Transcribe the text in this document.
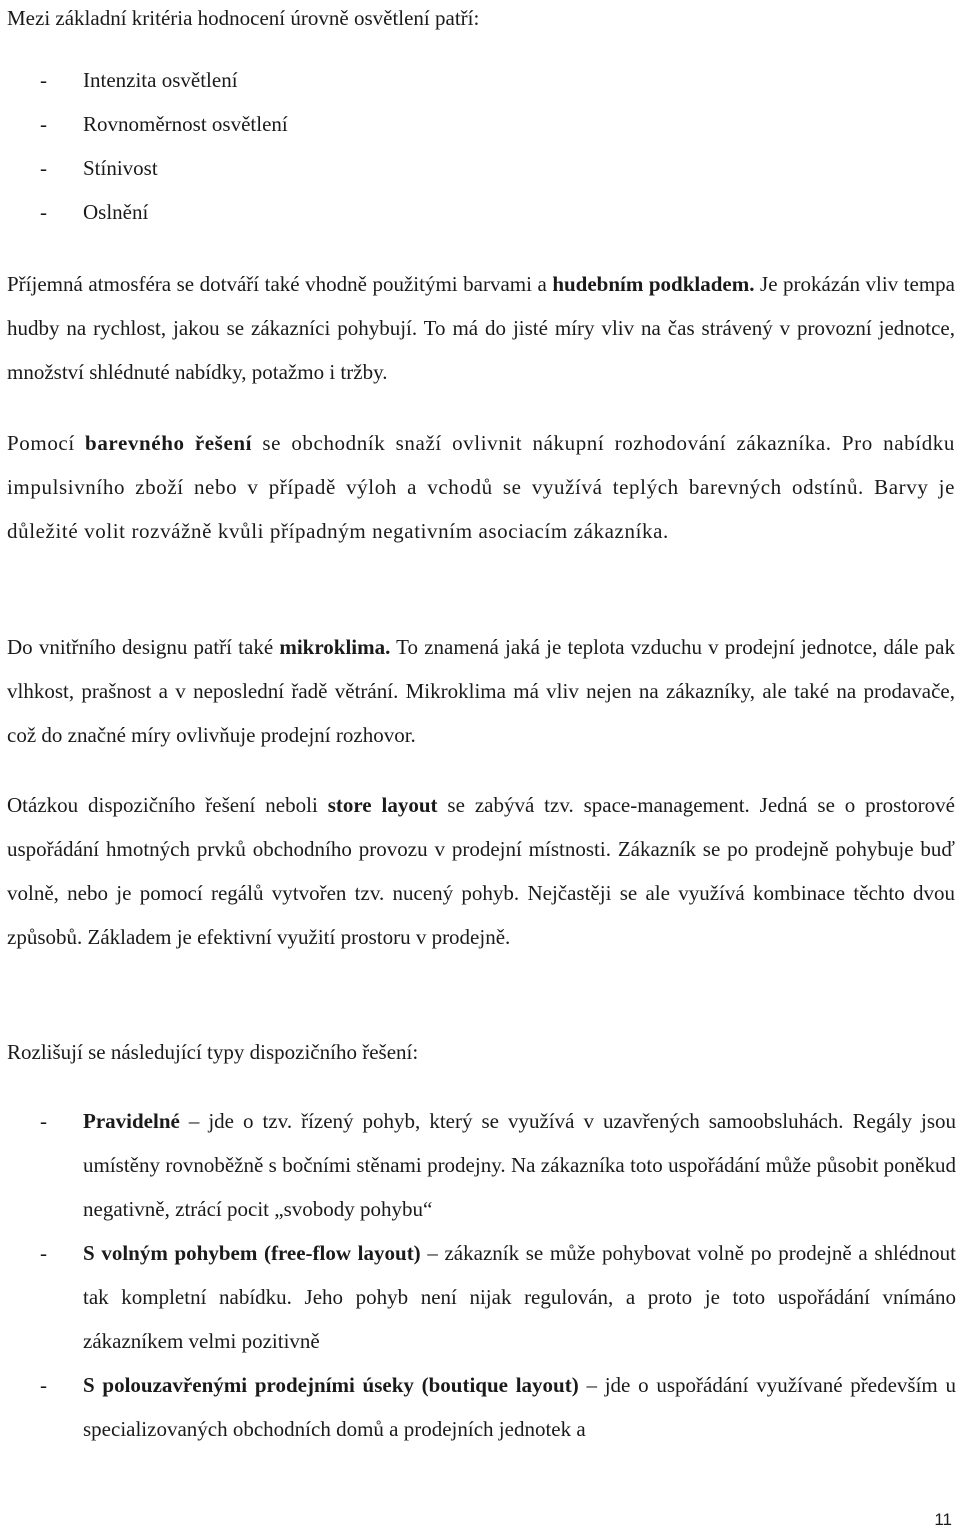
Mezi základní kritéria hodnocení úrovně osvětlení patří:

- Intenzita osvětlení
- Rovnoměrnost osvětlení
- Stínivost
- Oslnění

Příjemná atmosféra se dotváří také vhodně použitými barvami a hudebním podkladem. Je prokázán vliv tempa hudby na rychlost, jakou se zákazníci pohybují. To má do jisté míry vliv na čas strávený v provozní jednotce, množství shlédnuté nabídky, potažmo i tržby.

Pomocí barevného řešení se obchodník snaží ovlivnit nákupní rozhodování zákazníka. Pro nabídku impulsivního zboží nebo v případě výloh a vchodů se využívá teplých barevných odstínů. Barvy je důležité volit rozvážně kvůli případným negativním asociacím zákazníka.

Do vnitřního designu patří také mikroklima. To znamená jaká je teplota vzduchu v prodejní jednotce, dále pak vlhkost, prašnost a v neposlední řadě větrání. Mikroklima má vliv nejen na zákazníky, ale také na prodavače, což do značné míry ovlivňuje prodejní rozhovor.

Otázkou dispozičního řešení neboli store layout se zabývá tzv. space-management. Jedná se o prostorové uspořádání hmotných prvků obchodního provozu v prodejní místnosti. Zákazník se po prodejně pohybuje buď volně, nebo je pomocí regálů vytvořen tzv. nucený pohyb. Nejčastěji se ale využívá kombinace těchto dvou způsobů. Základem je efektivní využití prostoru v prodejně.

Rozlišují se následující typy dispozičního řešení:

- Pravidelné – jde o tzv. řízený pohyb, který se využívá v uzavřených samoobsluhách. Regály jsou umístěny rovnoběžně s bočními stěnami prodejny. Na zákazníka toto uspořádání může působit poněkud negativně, ztrácí pocit „svobody pohybu“
- S volným pohybem (free-flow layout) – zákazník se může pohybovat volně po prodejně a shlédnout tak kompletní nabídku. Jeho pohyb není nijak regulován, a proto je toto uspořádání vnímáno zákazníkem velmi pozitivně
- S polouzavřenými prodejními úseky (boutique layout) – jde o uspořádání využívané především u specializovaných obchodních domů a prodejních jednotek a
11
